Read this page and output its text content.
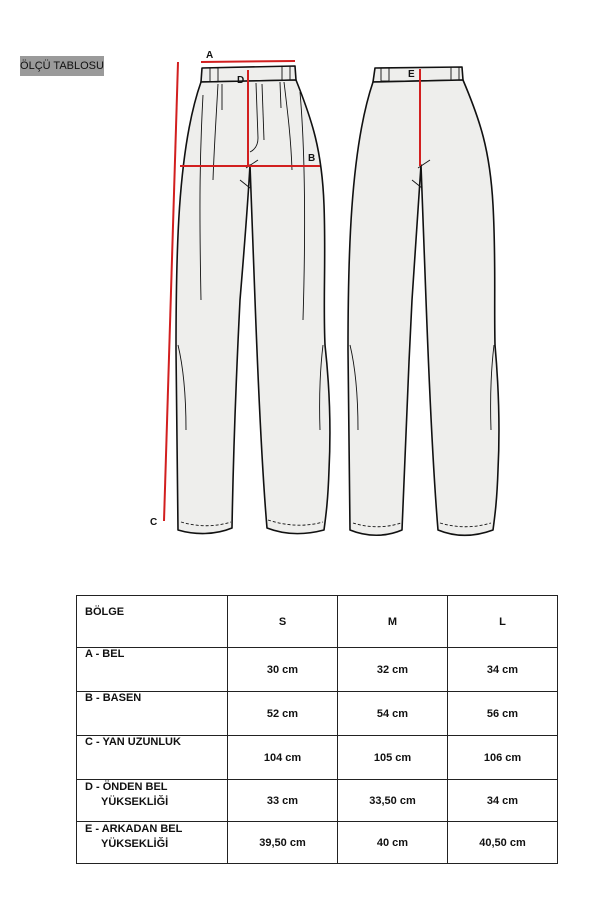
ÖLÇÜ TABLOSU
A
B
C
D
E
BÖLGE	S	M	L
A - BEL	30 cm	32 cm	34 cm
B - BASEN	52 cm	54 cm	56 cm
C - YAN UZUNLUK	104 cm	105 cm	106 cm
D - ÖNDEN BEL
YÜKSEKLİĞİ	33 cm	33,50 cm	34 cm
E - ARKADAN BEL
YÜKSEKLİĞİ	39,50 cm	40 cm	40,50 cm
